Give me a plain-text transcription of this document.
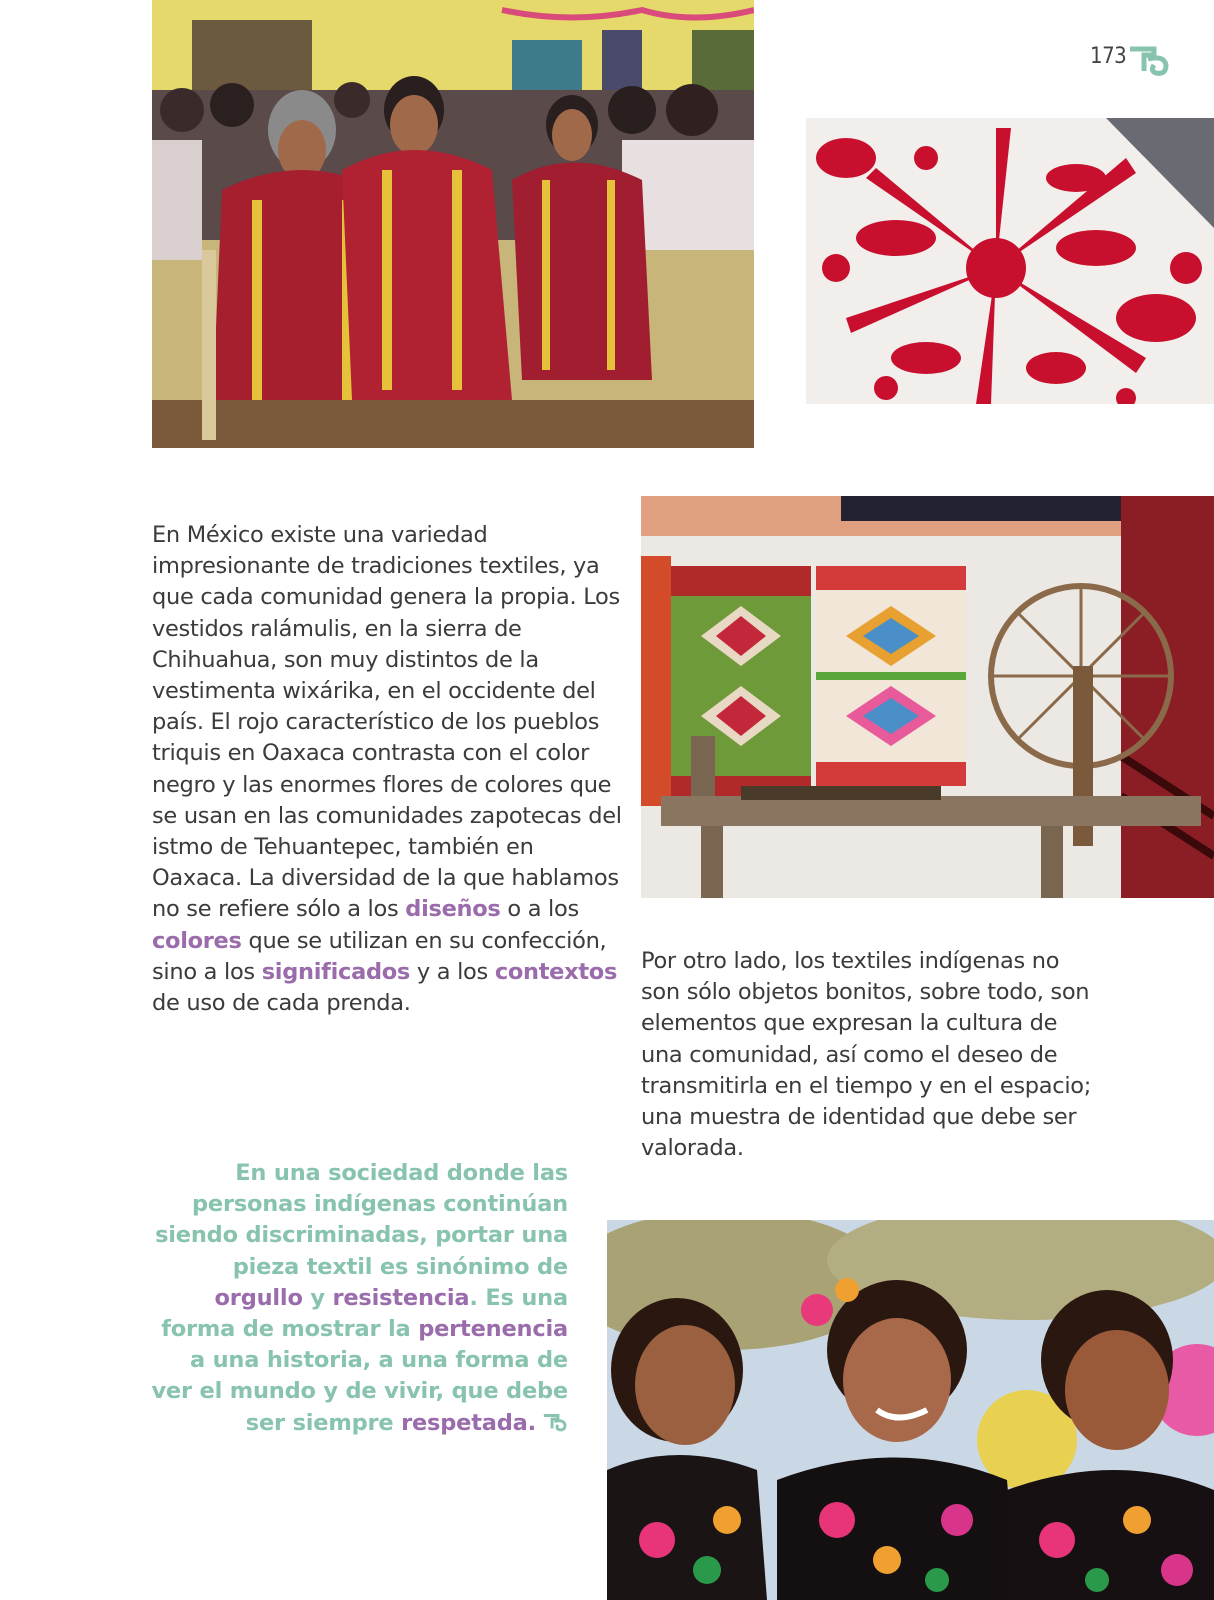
173

En México existe una variedad impresionante de tradiciones textiles, ya que cada comunidad genera la propia. Los vestidos ralámulis, en la sierra de Chihuahua, son muy distintos de la vestimenta wixárika, en el occidente del país. El rojo característico de los pueblos triquis en Oaxaca contrasta con el color negro y las enormes flores de colores que se usan en las comunidades zapotecas del istmo de Tehuantepec, también en Oaxaca. La diversidad de la que hablamos no se refiere sólo a los diseños o a los colores que se utilizan en su confección, sino a los significados y a los contextos de uso de cada prenda.

Por otro lado, los textiles indígenas no son sólo objetos bonitos, sobre todo, son elementos que expresan la cultura de una comunidad, así como el deseo de transmitirla en el tiempo y en el espacio; una muestra de identidad que debe ser valorada.

En una sociedad donde las personas indígenas continúan siendo discriminadas, portar una pieza textil es sinónimo de orgullo y resistencia. Es una forma de mostrar la pertenencia a una historia, a una forma de ver el mundo y de vivir, que debe ser siempre respetada.
